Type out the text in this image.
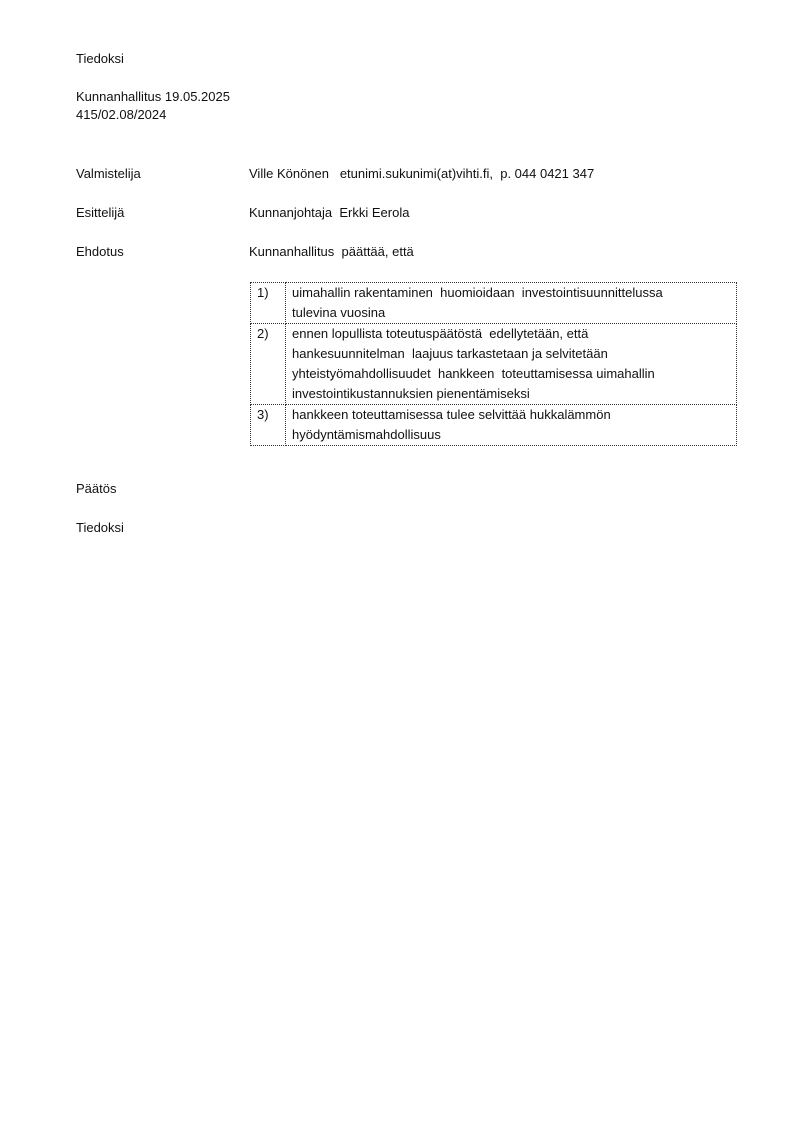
Tiedoksi
Kunnanhallitus 19.05.2025
415/02.08/2024
Valmistelija	Ville Könönen   etunimi.sukunimi(at)vihti.fi,  p. 044 0421 347
Esittelijä	Kunnanjohtaja  Erkki Eerola
Ehdotus	Kunnanhallitus  päättää, että
1)	uimahallin rakentaminen  huomioidaan  investointisuunnittelussa
tulevina vuosina

2)	ennen lopullista toteutuspäätöstä  edellytetään, että
hankesuunnitelman  laajuus tarkastetaan ja selvitetään
yhteistyömahdollisuudet  hankkeen  toteuttamisessa uimahallin
investointikustannuksien pienentämiseksi

3)	hankkeen toteuttamisessa tulee selvittää hukkalämmön
hyödyntämismahdollisuus
Päätös
Tiedoksi
